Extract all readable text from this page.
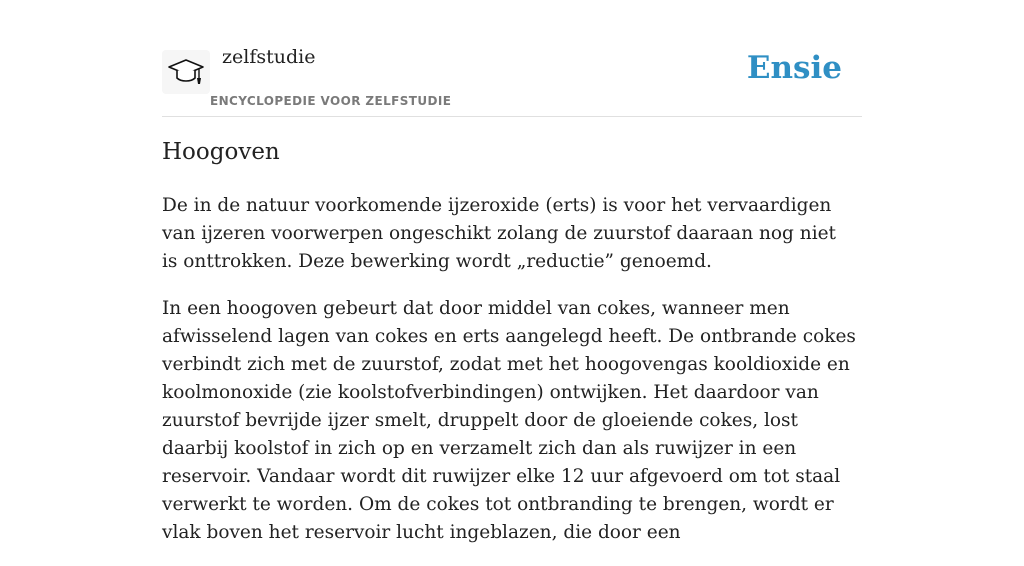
zelfstudie
ENCYCLOPEDIE VOOR ZELFSTUDIE
Ensie
Hoogoven

De in de natuur voorkomende ijzeroxide (erts) is voor het vervaardigen van ijzeren voorwerpen ongeschikt zolang de zuurstof daaraan nog niet is onttrokken. Deze bewerking wordt „reductie” genoemd.

In een hoogoven gebeurt dat door middel van cokes, wanneer men afwisselend lagen van cokes en erts aangelegd heeft. De ontbrande cokes verbindt zich met de zuurstof, zodat met het hoogovengas kooldioxide en koolmonoxide (zie koolstofverbindingen) ontwijken. Het daardoor van zuurstof bevrijde ijzer smelt, druppelt door de gloeiende cokes, lost daarbij koolstof in zich op en verzamelt zich dan als ruwijzer in een reservoir. Vandaar wordt dit ruwijzer elke 12 uur afgevoerd om tot staal verwerkt te worden. Om de cokes tot ontbranding te brengen, wordt er vlak boven het reservoir lucht ingeblazen, die door een
